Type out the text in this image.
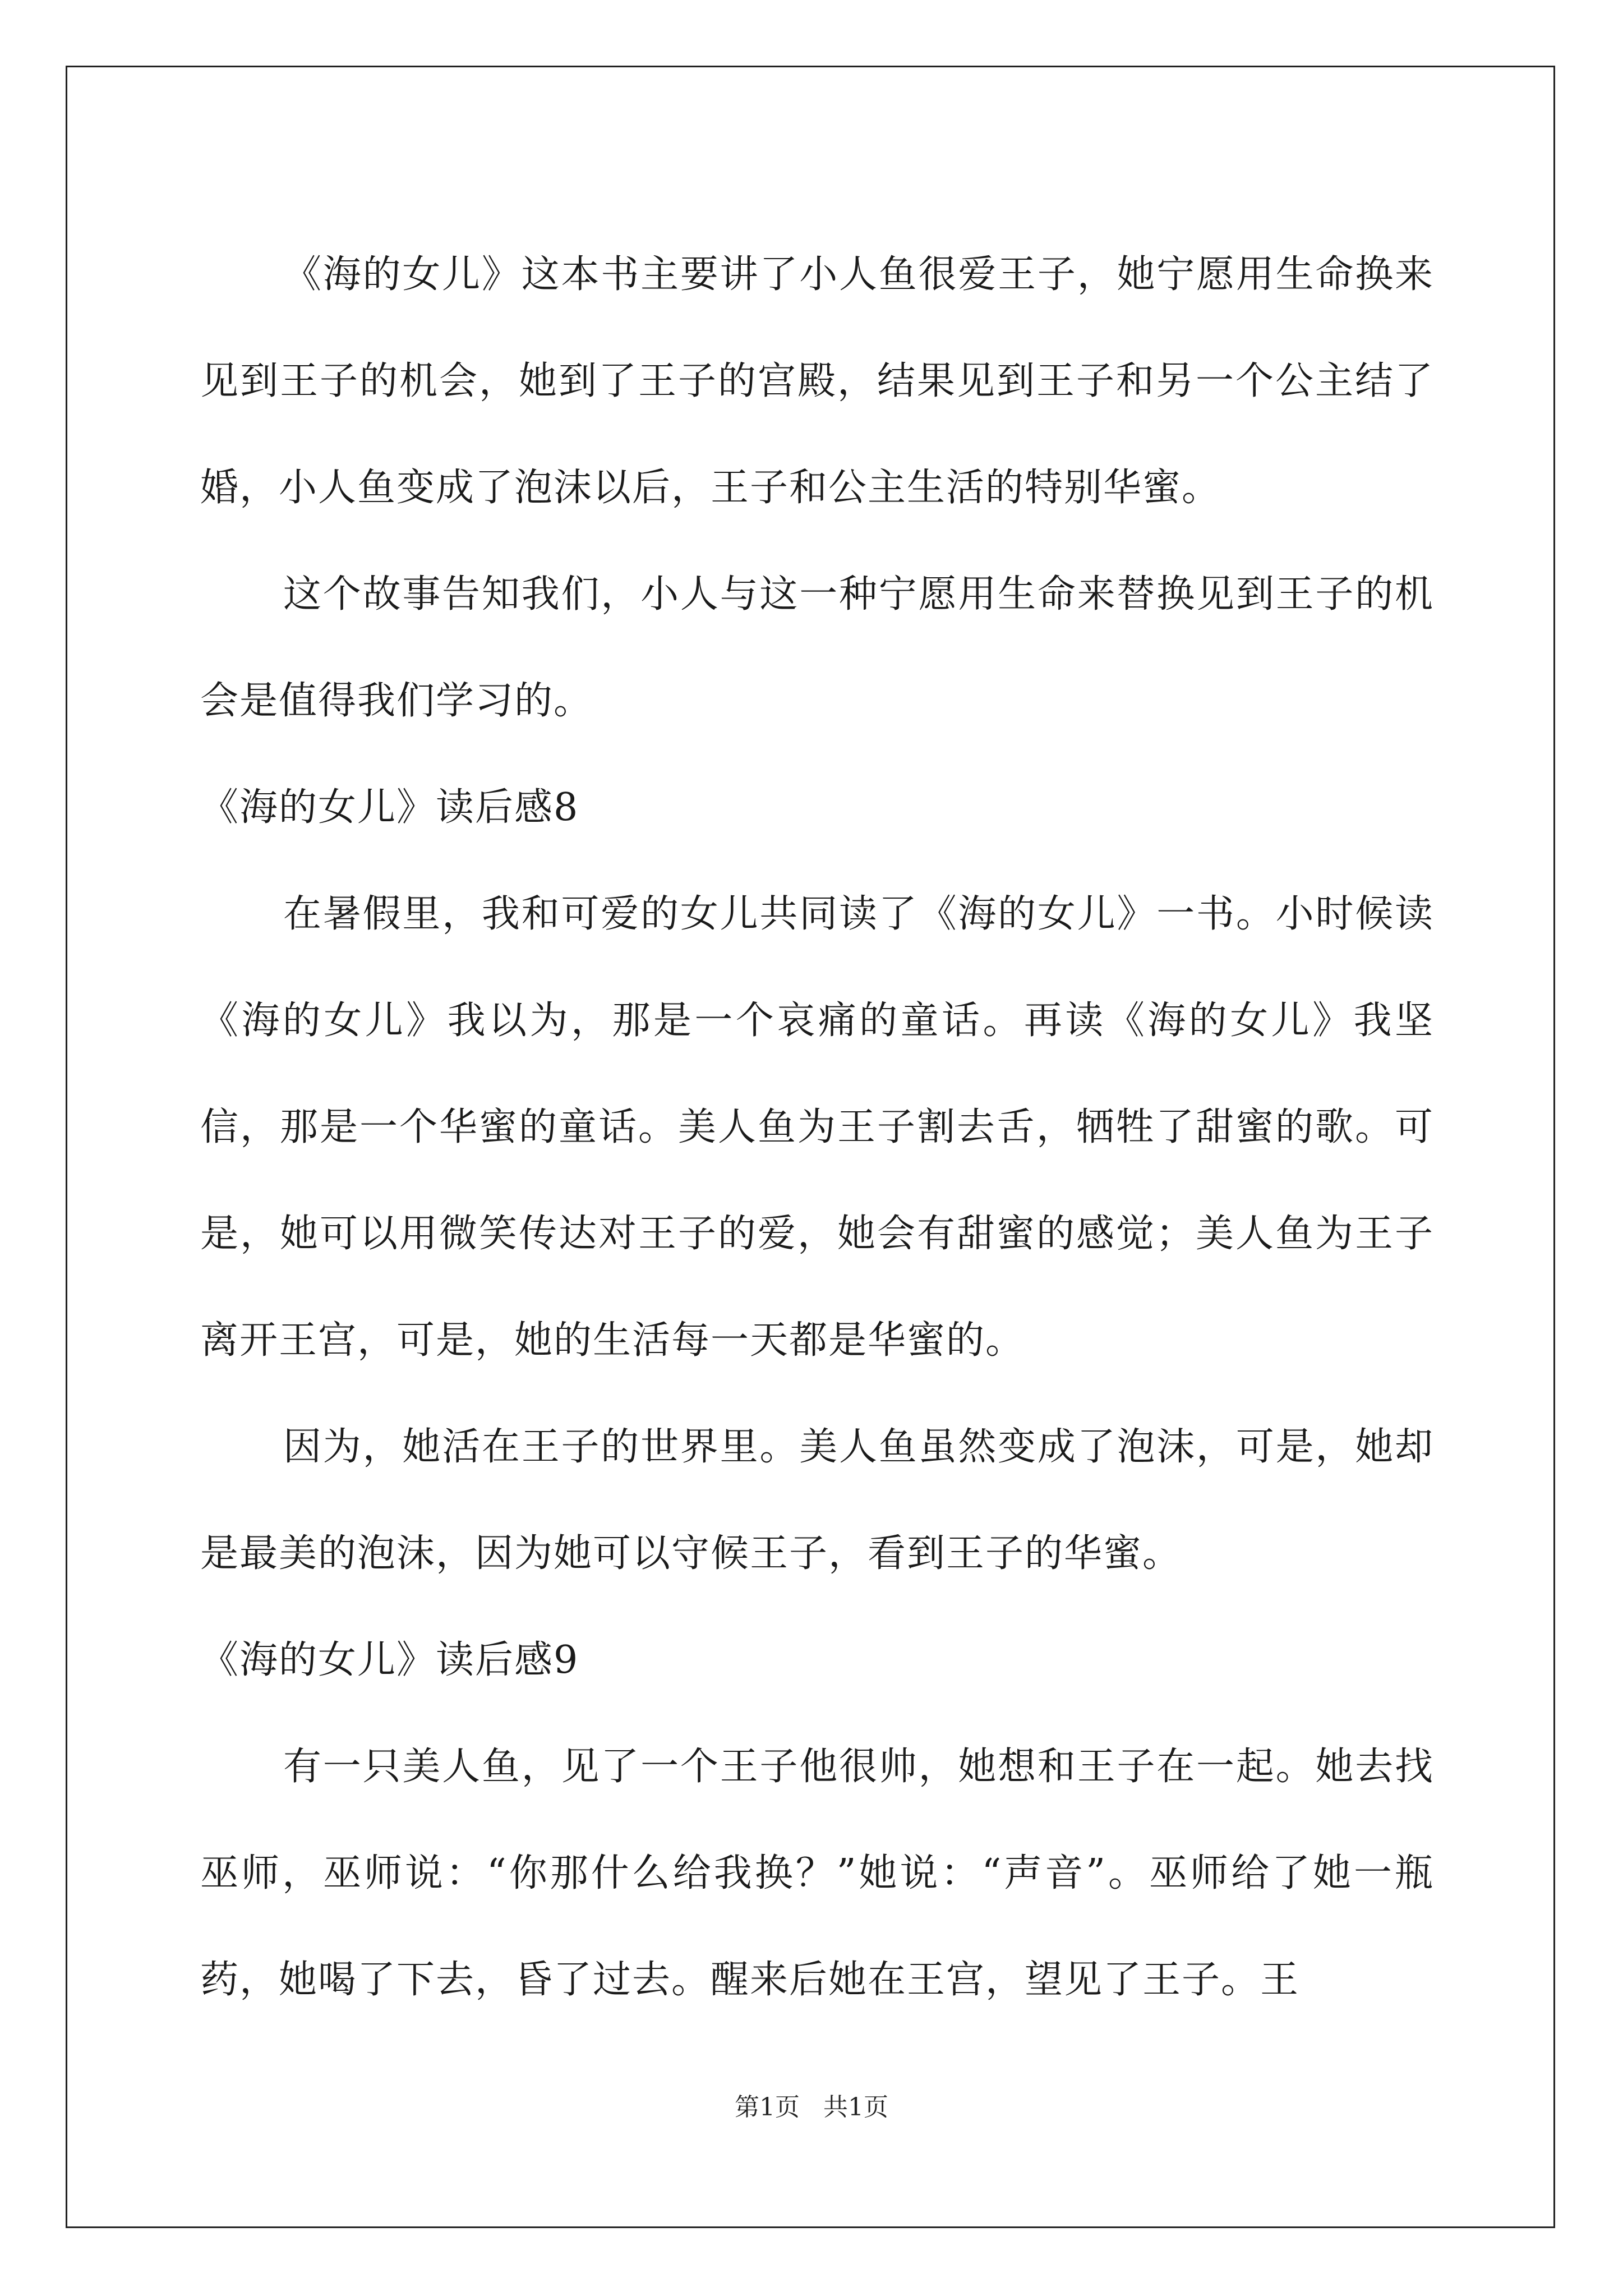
《海的女儿》这本书主要讲了小人鱼很爱王子，她宁愿用生命换来见到王子的机会，她到了王子的宫殿，结果见到王子和另一个公主结了婚，小人鱼变成了泡沫以后，王子和公主生活的特别华蜜。

这个故事告知我们，小人与这一种宁愿用生命来替换见到王子的机会是值得我们学习的。

《海的女儿》读后感8

在暑假里，我和可爱的女儿共同读了《海的女儿》一书。小时候读《海的女儿》我以为，那是一个哀痛的童话。再读《海的女儿》我坚信，那是一个华蜜的童话。美人鱼为王子割去舌，牺牲了甜蜜的歌。可是，她可以用微笑传达对王子的爱，她会有甜蜜的感觉；美人鱼为王子离开王宫，可是，她的生活每一天都是华蜜的。

因为，她活在王子的世界里。美人鱼虽然变成了泡沫，可是，她却是最美的泡沫，因为她可以守候王子，看到王子的华蜜。

《海的女儿》读后感9

有一只美人鱼，见了一个王子他很帅，她想和王子在一起。她去找巫师，巫师说：“你那什么给我换？”她说：“声音”。巫师给了她一瓶药，她喝了下去，昏了过去。醒来后她在王宫，望见了王子。王

第1页 共1页
